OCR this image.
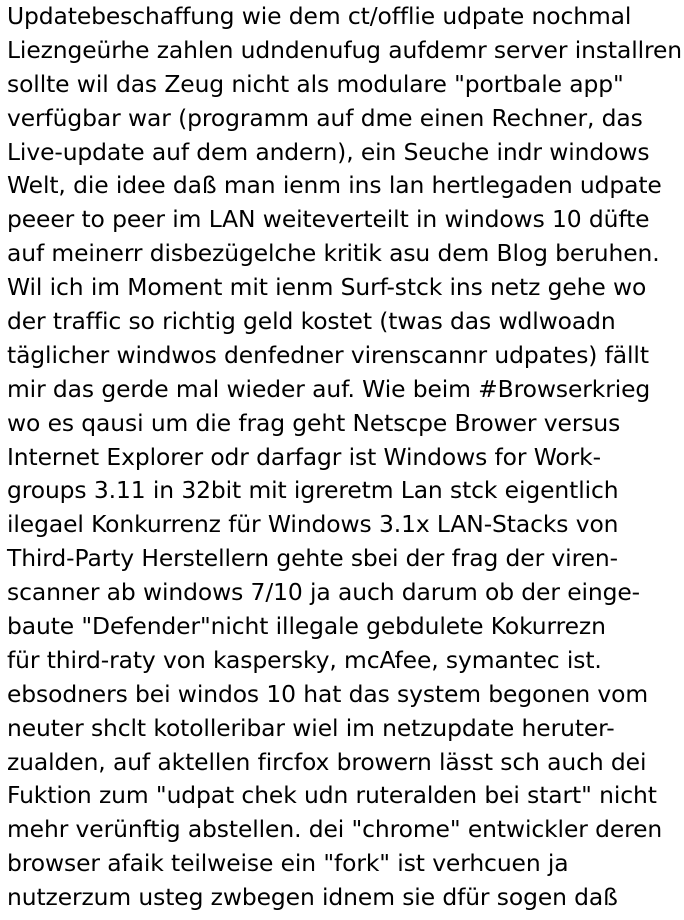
Updatebeschaffung wie dem ct/offlie udpate nochmal
Liezngeürhe zahlen udndenufug aufdemr server installren
sollte wil das Zeug nicht als modulare "portbale app"
verfügbar war (programm auf dme einen Rechner, das
Live-update auf dem andern), ein Seuche indr windows
Welt, die idee daß man ienm ins lan hertlegaden udpate
peeer to peer im LAN weiteverteilt in windows 10 düfte
auf meinerr disbezügelche kritik asu dem Blog beruhen.
Wil ich im Moment mit ienm Surf-stck ins netz gehe wo
der traffic so richtig geld kostet (twas das wdlwoadn
täglicher windwos denfedner virenscannr udpates) fällt
mir das gerde mal wieder auf. Wie beim #Browserkrieg
wo es qausi um die frag geht Netscpe Brower versus
Internet Explorer odr darfagr ist Windows for Work-
groups 3.11 in 32bit mit igreretm Lan stck eigentlich
ilegael Konkurrenz für Windows 3.1x LAN-Stacks von
Third-Party Herstellern gehte sbei der frag der viren-
scanner ab windows 7/10 ja auch darum ob der einge-
baute "Defender"nicht illegale gebdulete Kokurrezn
für third-raty von kaspersky, mcAfee, symantec ist.
ebsodners bei windos 10 hat das system begonen vom
neuter shclt kotolleribar wiel im netzupdate heruter-
zualden, auf aktellen fircfox browern lässt sch auch dei
Fuktion zum "udpat chek udn ruteralden bei start" nicht
mehr verünftig abstellen. dei "chrome" entwickler deren
browser afaik teilweise ein "fork" ist verhcuen ja
nutzerzum usteg zwbegen idnem sie dfür sogen daß
